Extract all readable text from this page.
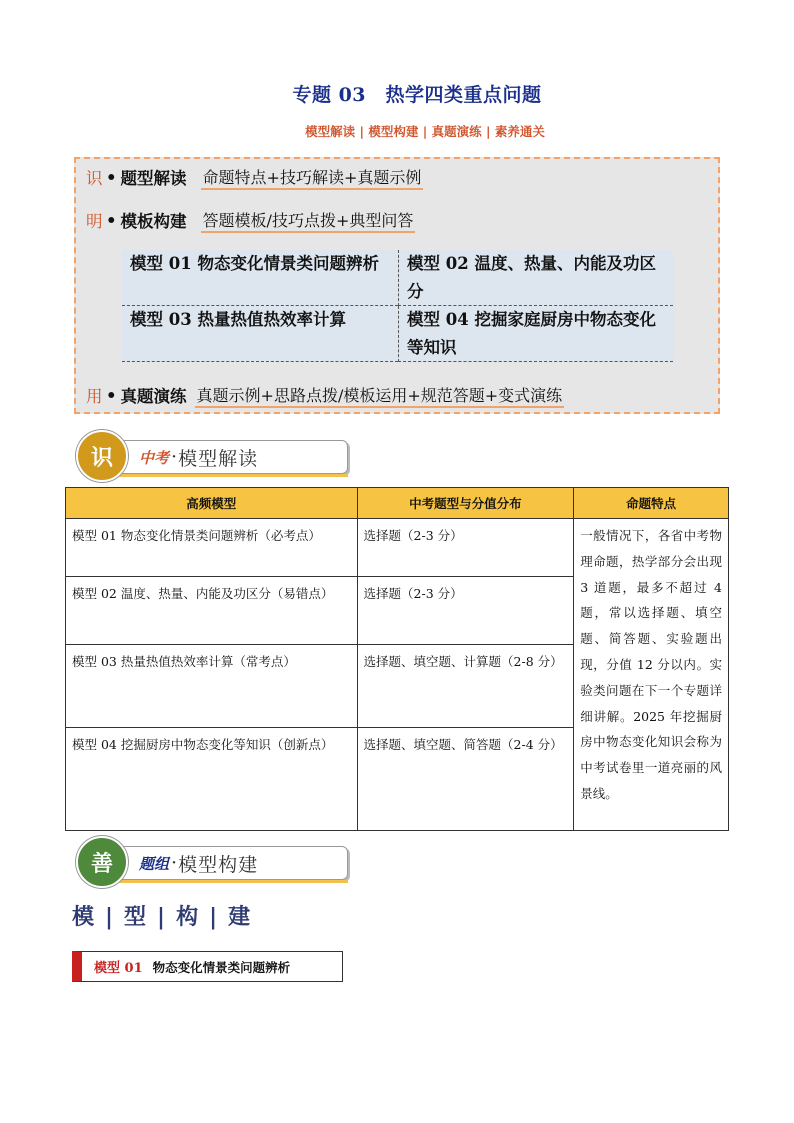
专题 03　热学四类重点问题
模型解读 | 模型构建 | 真题演练 | 素养通关
识 • 题型解读 命题特点+技巧解读+真题示例
明 • 模板构建 答题模板/技巧点拨+典型问答
模型 01 物态变化情景类问题辨析	模型 02 温度、热量、内能及功区分
模型 03 热量热值热效率计算	模型 04 挖掘家庭厨房中物态变化等知识
用 • 真题演练 真题示例+思路点拨/模板运用+规范答题+变式演练
识	中考 · 模型解读
高频模型	中考题型与分值分布	命题特点
模型 01 物态变化情景类问题辨析（必考点）	选择题（2-3 分）	一般情况下，各省中考物理命题，热学部分会出现 3 道题，最多不超过 4 题，常以选择题、填空题、简答题、实验题出现，分值 12 分以内。实验类问题在下一个专题详细讲解。2025 年挖掘厨房中物态变化知识会称为中考试卷里一道亮丽的风景线。
模型 02 温度、热量、内能及功区分（易错点）	选择题（2-3 分）	
模型 03 热量热值热效率计算（常考点）	选择题、填空题、计算题（2-8 分）	
模型 04 挖掘厨房中物态变化等知识（创新点）	选择题、填空题、简答题（2-4 分）	
善	题组 · 模型构建
模 | 型 | 构 | 建
模型 01 物态变化情景类问题辨析
